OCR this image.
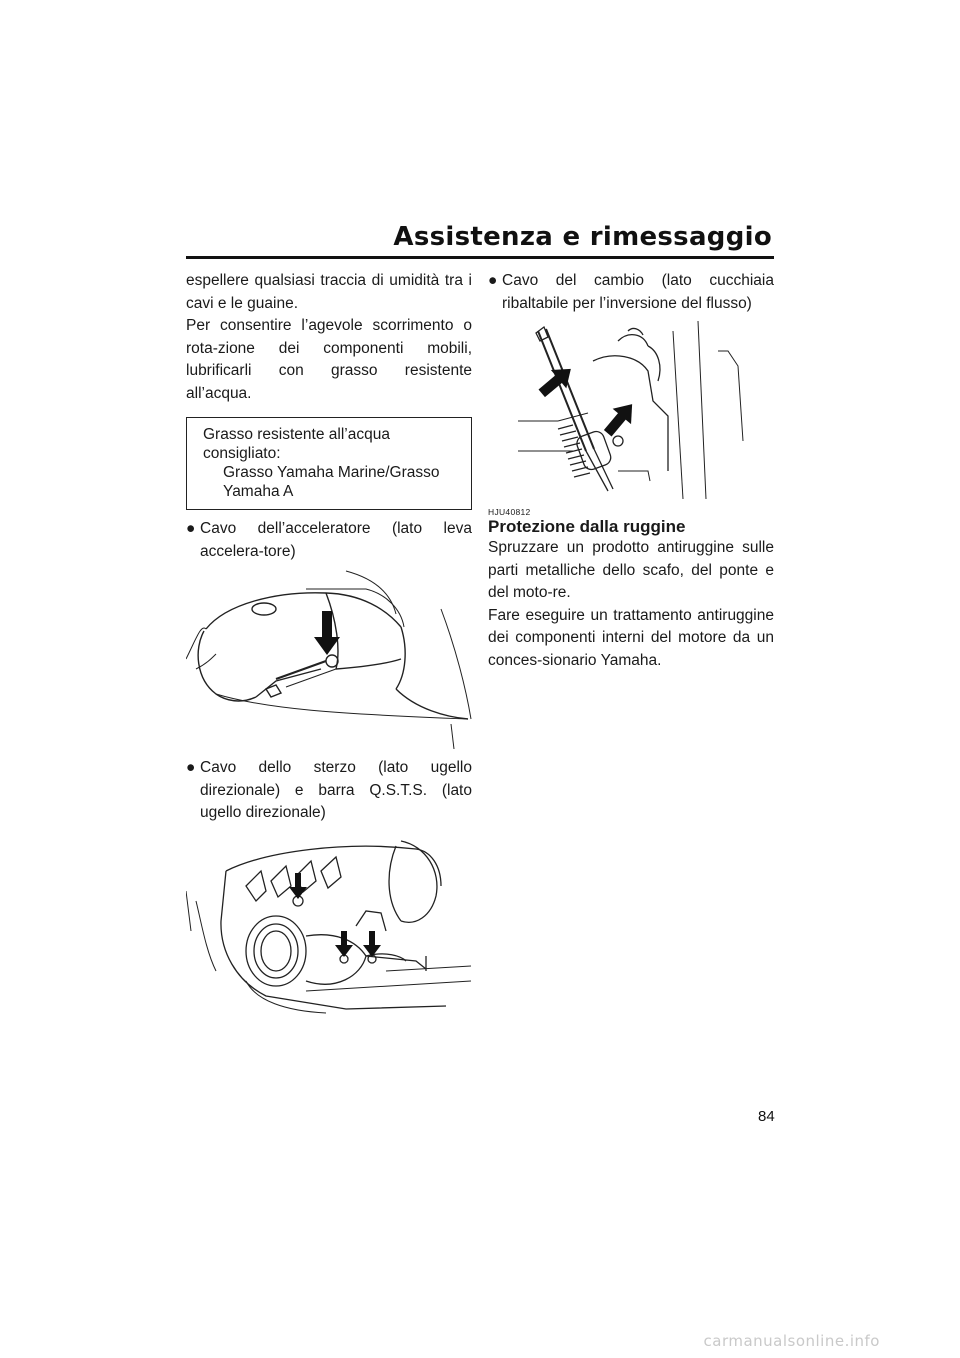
Assistenza e rimessaggio

espellere qualsiasi traccia di umidità tra i cavi e le guaine.

Per consentire l’agevole scorrimento o rota-zione dei componenti mobili, lubrificarli con grasso resistente all’acqua.

Grasso resistente all’acqua consigliato:
Grasso Yamaha Marine/Grasso
Yamaha A
● Cavo dell’acceleratore (lato leva accelera-tore)
● Cavo dello sterzo (lato ugello direzionale) e barra Q.S.T.S. (lato ugello direzionale)
● Cavo del cambio (lato cucchiaia ribaltabile per l’inversione del flusso)
HJU40812
Protezione dalla ruggine

Spruzzare un prodotto antiruggine sulle parti metalliche dello scafo, del ponte e del moto-re.

Fare eseguire un trattamento antiruggine dei componenti interni del motore da un conces-sionario Yamaha.

84
carmanualsonline.info
